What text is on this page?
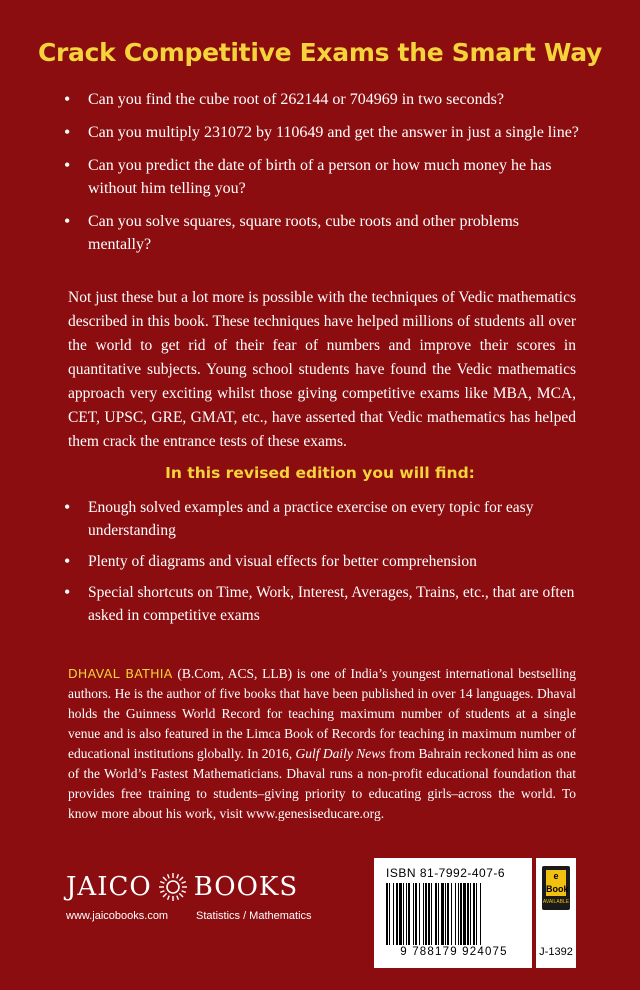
Crack Competitive Exams the Smart Way
• Can you find the cube root of 262144 or 704969 in two seconds?
• Can you multiply 231072 by 110649 and get the answer in just a single line?
• Can you predict the date of birth of a person or how much money he has without him telling you?
• Can you solve squares, square roots, cube roots and other problems mentally?

Not just these but a lot more is possible with the techniques of Vedic mathematics described in this book. These techniques have helped millions of students all over the world to get rid of their fear of numbers and improve their scores in quantitative subjects. Young school students have found the Vedic mathematics approach very exciting whilst those giving competitive exams like MBA, MCA, CET, UPSC, GRE, GMAT, etc., have asserted that Vedic mathematics has helped them crack the entrance tests of these exams.

In this revised edition you will find:
• Enough solved examples and a practice exercise on every topic for easy understanding
• Plenty of diagrams and visual effects for better comprehension
• Special shortcuts on Time, Work, Interest, Averages, Trains, etc., that are often asked in competitive exams

DHAVAL BATHIA (B.Com, ACS, LLB) is one of India’s youngest international bestselling authors. He is the author of five books that have been published in over 14 languages. Dhaval holds the Guinness World Record for teaching maximum number of students at a single venue and is also featured in the Limca Book of Records for teaching in maximum number of educational institutions globally. In 2016, Gulf Daily News from Bahrain reckoned him as one of the World’s Fastest Mathematicians. Dhaval runs a non-profit educational foundation that provides free training to students–giving priority to educating girls–across the world. To know more about his work, visit www.genesiseducare.org.

JAICO BOOKS
www.jaicobooks.com	Statistics / Mathematics
ISBN 81-7992-407-6
9 788179 924075
e
Book
AVAILABLE
J-1392
